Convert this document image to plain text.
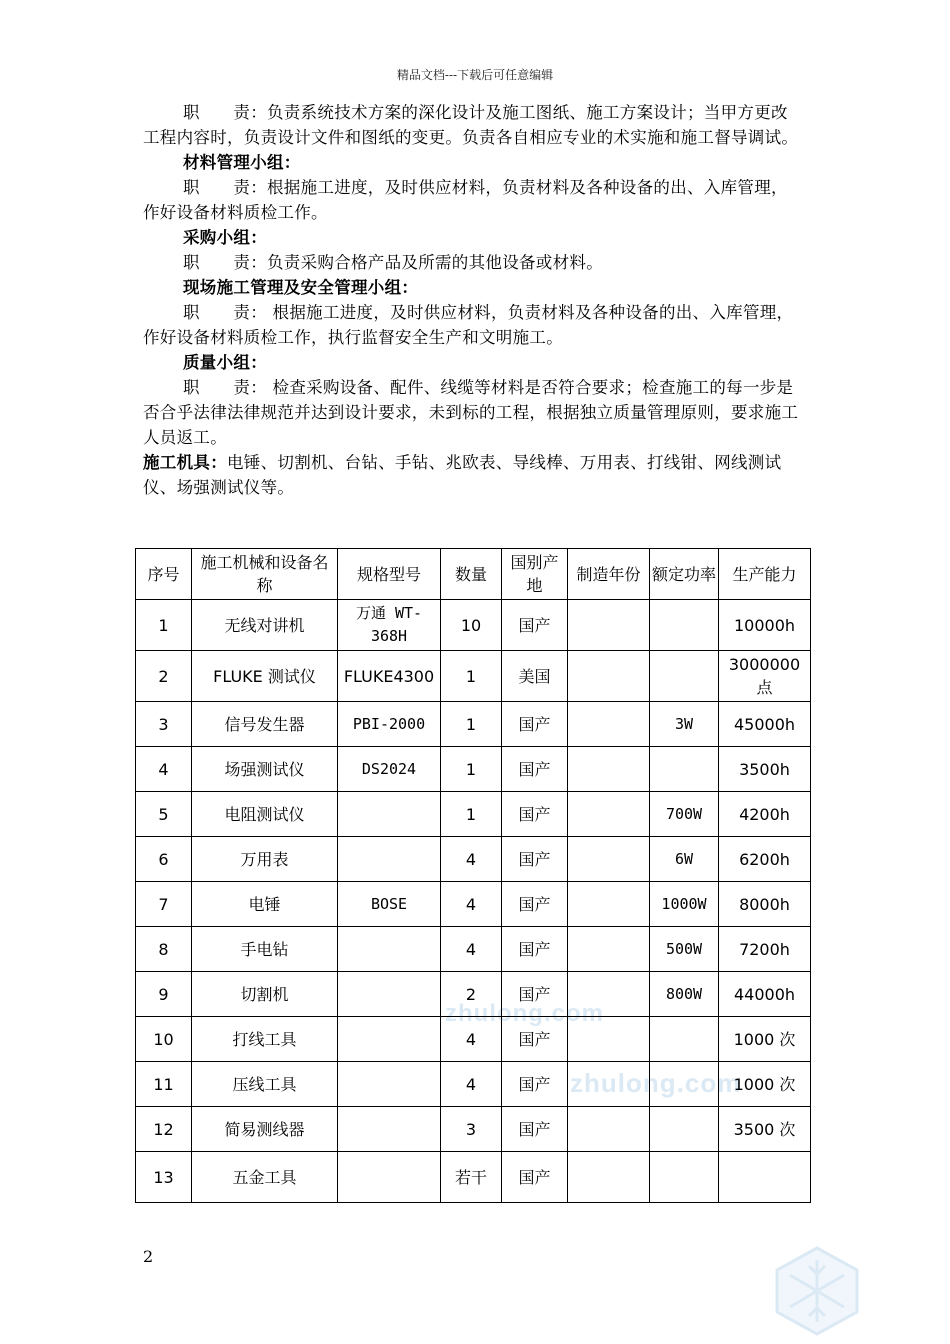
精品文档---下载后可任意编辑

职　　责：负责系统技术方案的深化设计及施工图纸、施工方案设计；当甲方更改工程内容时，负责设计文件和图纸的变更。负责各自相应专业的术实施和施工督导调试。

材料管理小组：

职　　责：根据施工进度，及时供应材料，负责材料及各种设备的出、入库管理，作好设备材料质检工作。

采购小组：

职　　责：负责采购合格产品及所需的其他设备或材料。

现场施工管理及安全管理小组：

职　　责： 根据施工进度，及时供应材料，负责材料及各种设备的出、入库管理，　作好设备材料质检工作，执行监督安全生产和文明施工。

质量小组：

职　　责： 检查采购设备、配件、线缆等材料是否符合要求；检查施工的每一步是否合乎法律法律规范并达到设计要求，未到标的工程，根据独立质量管理原则，要求施工人员返工。

施工机具：电锤、切割机、台钻、手钻、兆欧表、导线棒、万用表、打线钳、网线测试仪、场强测试仪等。

zhulong.com
zhulong.com
序号	施工机械和设备名称	规格型号	数量	国别产地	制造年份	额定功率	生产能力
1	无线对讲机	万通 WT-368H	10	国产			10000h
2	FLUKE 测试仪	FLUKE4300	1	美国			3000000点
3	信号发生器	PBI-2000	1	国产		3W	45000h
4	场强测试仪	DS2024	1	国产			3500h
5	电阻测试仪		1	国产		700W	4200h
6	万用表		4	国产		6W	6200h
7	电锤	BOSE	4	国产		1000W	8000h
8	手电钻		4	国产		500W	7200h
9	切割机		2	国产		800W	44000h
10	打线工具		4	国产			1000 次
11	压线工具		4	国产			1000 次
12	简易测线器		3	国产			3500 次
13	五金工具		若干	国产			
2
